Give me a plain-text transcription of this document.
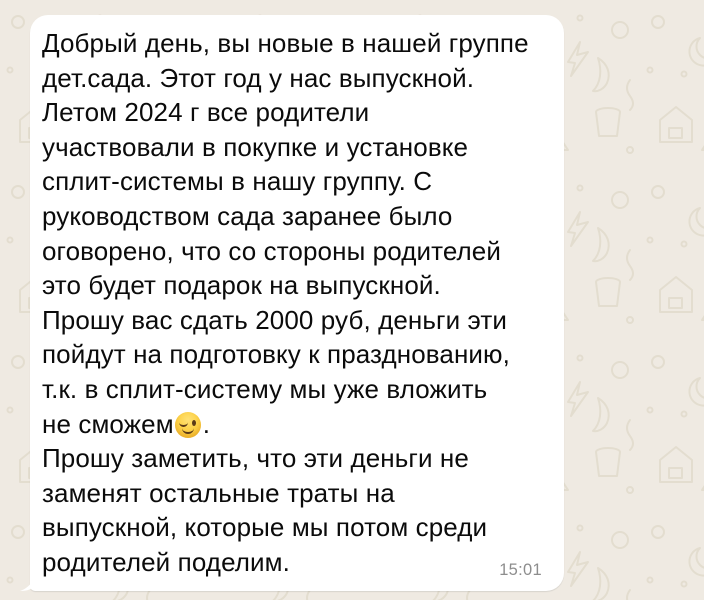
Добрый день, вы новые в нашей группе
дет.сада. Этот год у нас выпускной.
Летом 2024 г все родители
участвовали в покупке и установке
сплит-системы в нашу группу. С
руководством сада заранее было
оговорено, что со стороны родителей
это будет подарок на выпускной.
Прошу вас сдать 2000 руб, деньги эти
пойдут на подготовку к празднованию,
т.к. в сплит-систему мы уже вложить
не сможем .
Прошу заметить, что эти деньги не
заменят остальные траты на
выпускной, которые мы потом среди
родителей поделим.	15:01
